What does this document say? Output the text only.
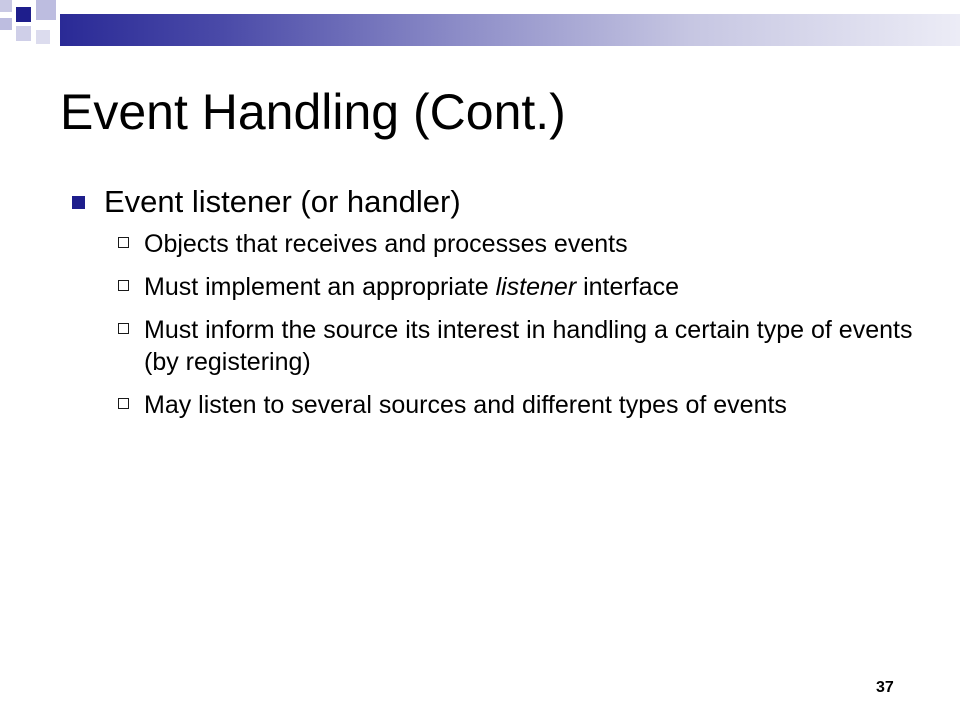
Event Handling (Cont.)
Event listener (or handler)
Objects that receives and processes events
Must implement an appropriate listener interface
Must inform the source its interest in handling a certain type of events (by registering)
May listen to several sources and different types of events
37
